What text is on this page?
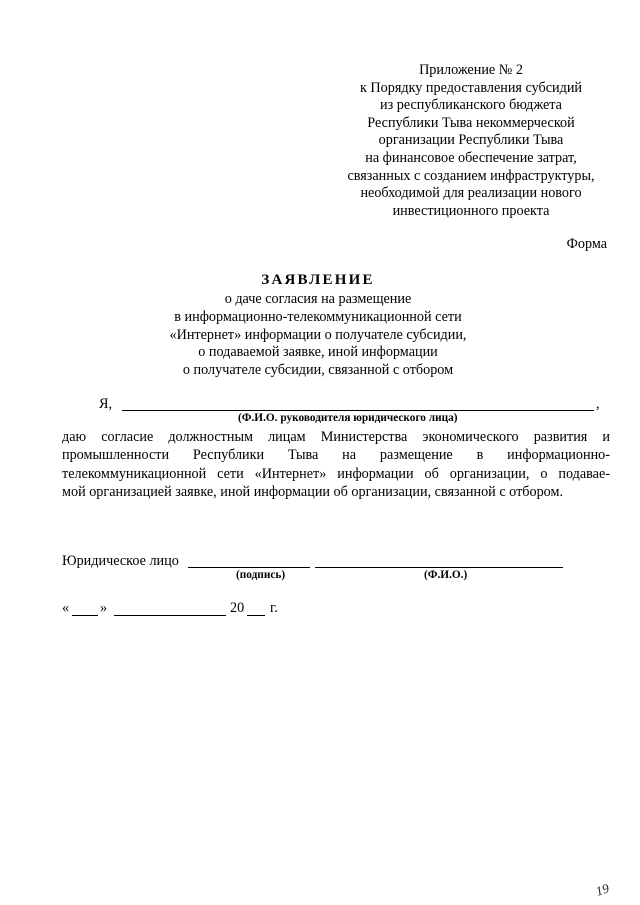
Приложение № 2
к Порядку предоставления субсидий
из республиканского бюджета
Республики Тыва некоммерческой
организации Республики Тыва
на финансовое обеспечение затрат,
связанных с созданием инфраструктуры,
необходимой для реализации нового
инвестиционного проекта
Форма
ЗАЯВЛЕНИЕ
о даче согласия на размещение
в информационно-телекоммуникационной сети
«Интернет» информации о получателе субсидии,
о подаваемой заявке, иной информации
о получателе субсидии, связанной с отбором
Я,	,
(Ф.И.О. руководителя юридического лица)
даю согласие должностным лицам Министерства экономического развития и
промышленности Республики Тыва на размещение в информационно-
телекоммуникационной сети «Интернет» информации об организации, о подавае-
мой организацией заявке, иной информации об организации, связанной с отбором.
Юридическое лицо
(подпись)	(Ф.И.О.)
« »	20 г.
19
